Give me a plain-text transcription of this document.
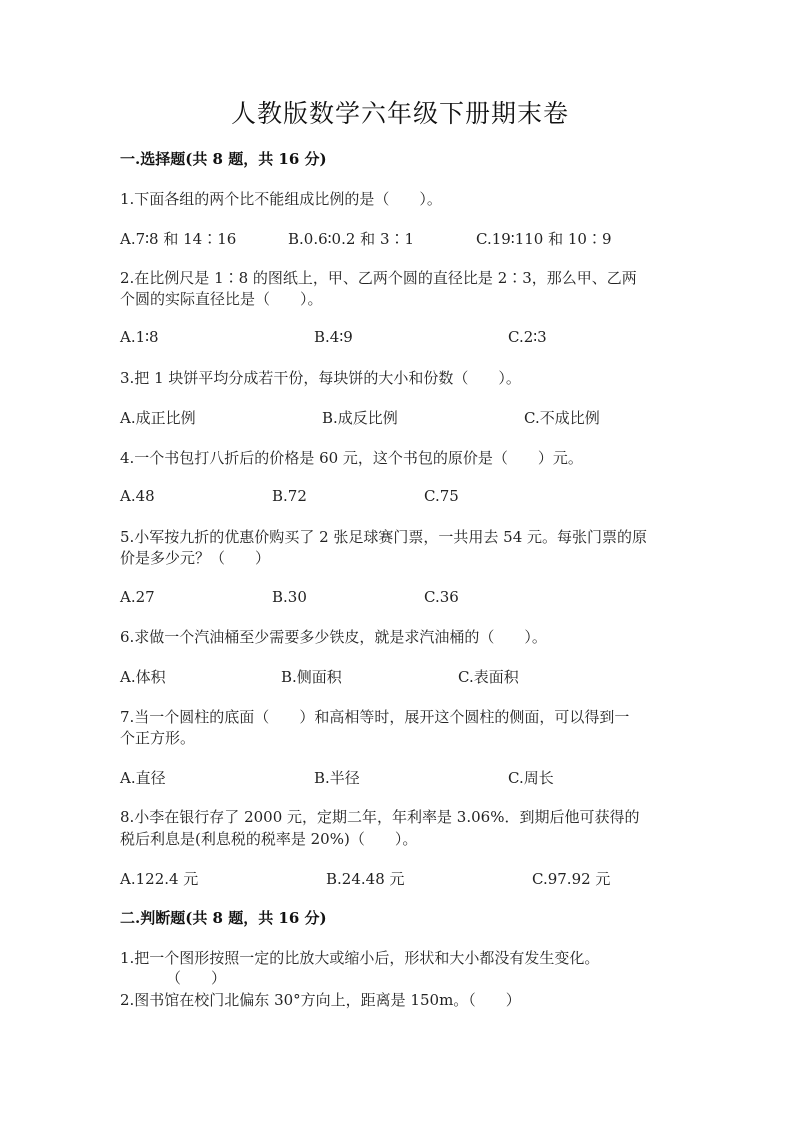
人教版数学六年级下册期末卷
一.选择题(共 8 题，共 16 分)
1.下面各组的两个比不能组成比例的是（　　）。
A.7∶8 和 14∶16	B.0.6∶0.2 和 3∶1	C.19∶110 和 10∶9
2.在比例尺是 1∶8 的图纸上，甲、乙两个圆的直径比是 2∶3，那么甲、乙两
个圆的实际直径比是（　　）。
A.1∶8	B.4∶9	C.2∶3
3.把 1 块饼平均分成若干份，每块饼的大小和份数（　　）。
A.成正比例	B.成反比例	C.不成比例
4.一个书包打八折后的价格是 60 元，这个书包的原价是（　　）元。
A.48	B.72	C.75
5.小军按九折的优惠价购买了 2 张足球赛门票，一共用去 54 元。每张门票的原
价是多少元？（　　）
A.27	B.30	C.36
6.求做一个汽油桶至少需要多少铁皮，就是求汽油桶的（　　）。
A.体积	B.侧面积	C.表面积
7.当一个圆柱的底面（　　）和高相等时，展开这个圆柱的侧面，可以得到一
个正方形。
A.直径	B.半径	C.周长
8.小李在银行存了 2000 元，定期二年，年利率是 3.06%．到期后他可获得的
税后利息是(利息税的税率是 20%)（　　）。
A.122.4 元	B.24.48 元	C.97.92 元
二.判断题(共 8 题，共 16 分)
1.把一个图形按照一定的比放大或缩小后，形状和大小都没有发生变化。
（　　）
2.图书馆在校门北偏东 30°方向上，距离是 150m。（　　）
